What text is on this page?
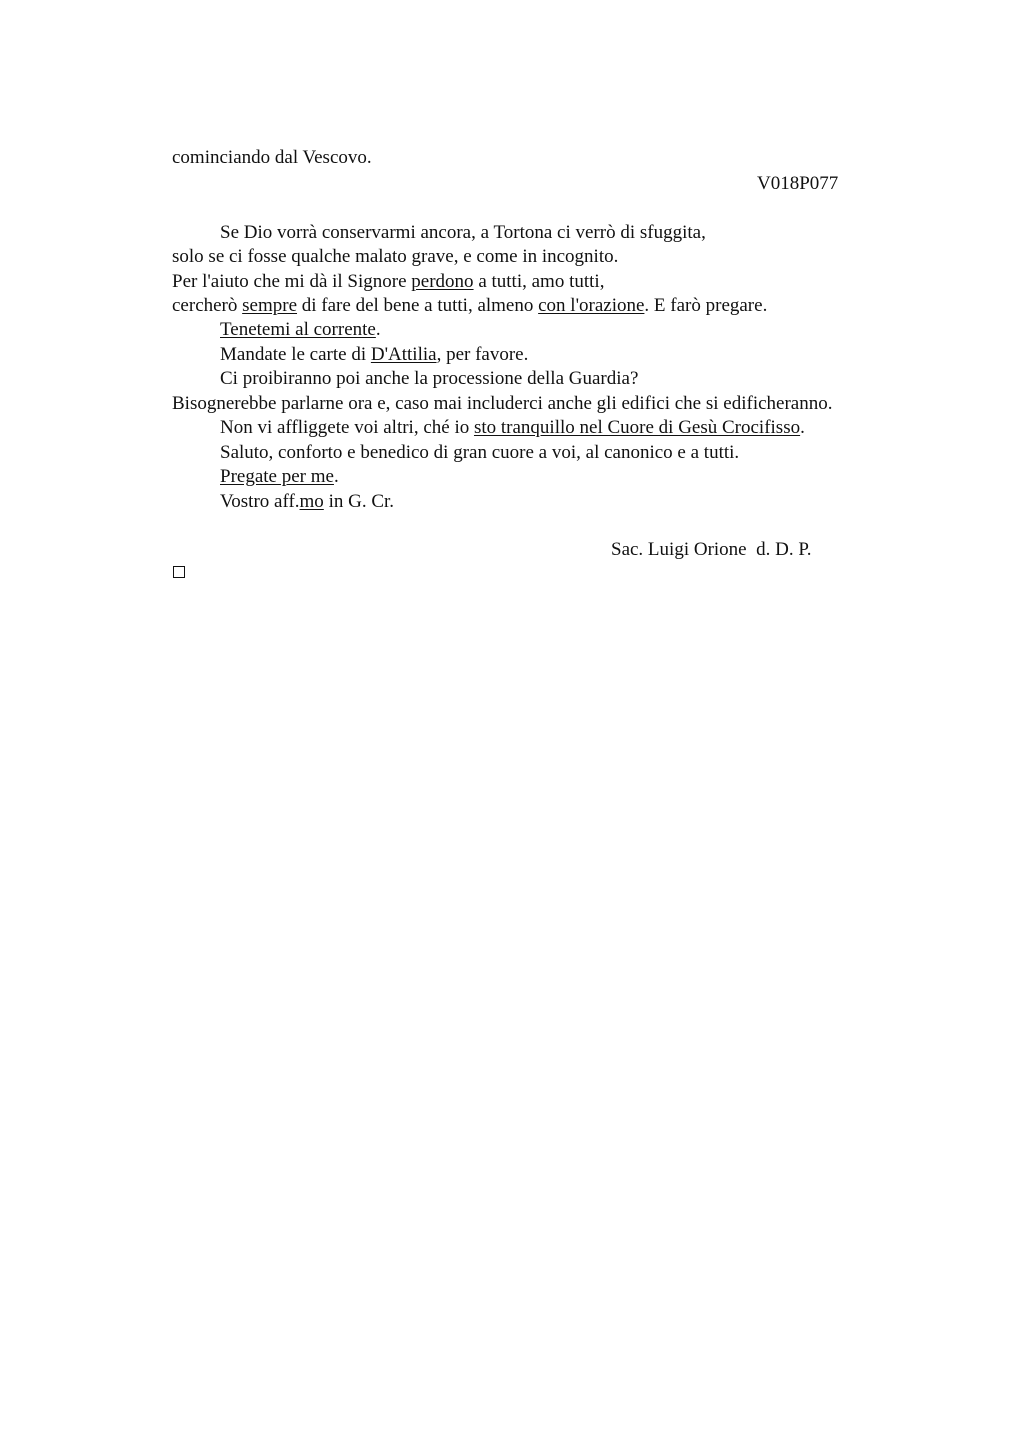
cominciando dal Vescovo.
V018P077
Se Dio vorrà conservarmi ancora, a Tortona ci verrò di sfuggita,
solo se ci fosse qualche malato grave, e come in incognito.
Per l'aiuto che mi dà il Signore perdono a tutti, amo tutti,
cercherò sempre di fare del bene a tutti, almeno con l'orazione. E farò pregare.
Tenetemi al corrente.
Mandate le carte di D'Attilia, per favore.
Ci proibiranno poi anche la processione della Guardia?
Bisognerebbe parlarne ora e, caso mai includerci anche gli edifici che si edificheranno.
Non vi affliggete voi altri, ché io sto tranquillo nel Cuore di Gesù Crocifisso.
Saluto, conforto e benedico di gran cuore a voi, al canonico e a tutti.
Pregate per me.
Vostro aff.mo in G. Cr.
Sac. Luigi Orione  d. D. P.
